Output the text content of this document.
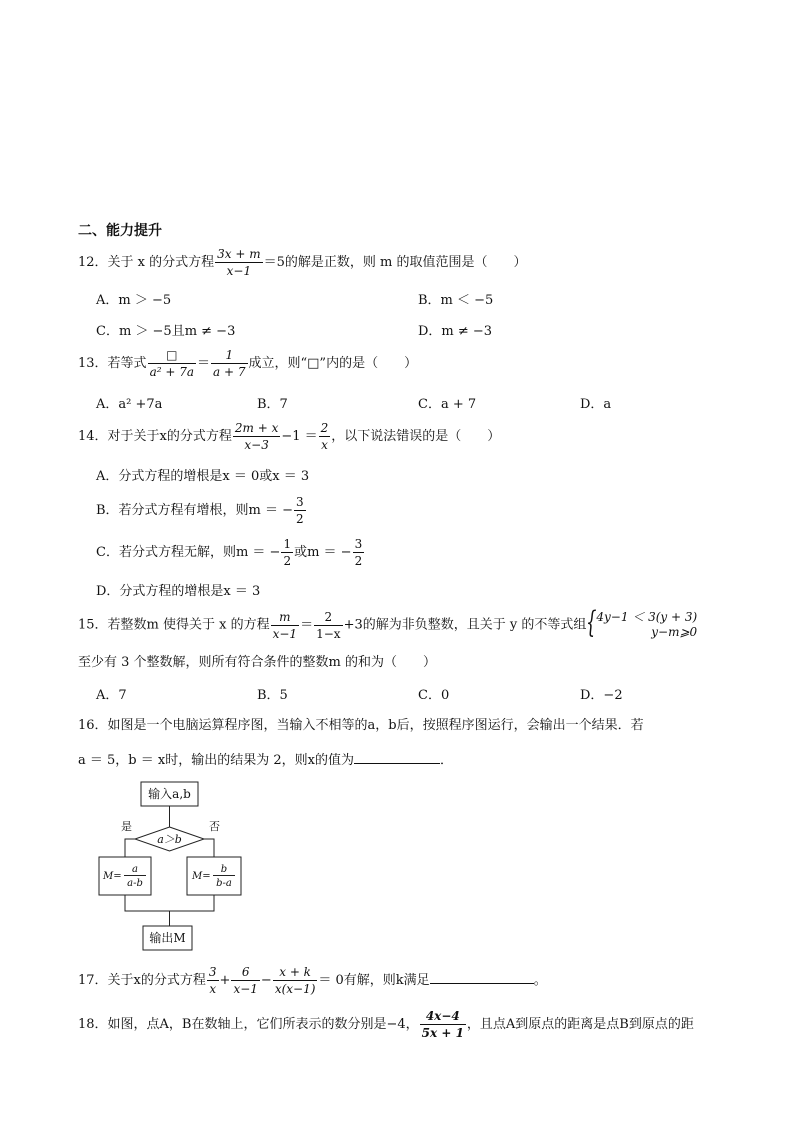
二、能力提升
12．关于 x 的分式方程 $\frac{3x + m}{x-1} =5$的解是正数，则 m 的取值范围是（　　）
A．m ＞ −5	B．m ＜ −5
C．m ＞ −5且m ≠ −3	D．m ≠ −3
13．若等式 $\frac{□}{\text{a² + 7a}} = \frac{1}{a + 7}$ 成立，则“□”内的是（　　）
A．a² +7a	B．7	C．a + 7	D．a
14．对于关于x的分式方程 $\frac{2m + x}{x-3} -1 = \frac{2}{x}$ ，以下说法错误的是（　　）
A．分式方程的增根是x ＝ 0或x ＝ 3
B．若分式方程有增根，则m ＝ − $\frac{3}{2}$
C．若分式方程无解，则m ＝ − $\frac{1}{2}$ 或m ＝ − $\frac{3}{2}$
D．分式方程的增根是x ＝ 3
15．若整数m 使得关于 x 的方程 $\frac{m}{x-1} = \frac{2}{1-x} +3$的解为非负整数，且关于 y 的不等式组 { 4y−1 ＜ 3(y + 3)
y−m⩾0
至少有 3 个整数解，则所有符合条件的整数m 的和为（　　）
A．7	B．5	C．0	D．−2
16．如图是一个电脑运算程序图，当输入不相等的a，b后，按照程序图运行，会输出一个结果．若
a ＝ 5，b ＝ x时，输出的结果为 2，则x的值为	．
输入a,b
a＞b
是	否
M=
a
a-b
M=
b
b-a
输出M
17．关于x的分式方程 $\frac{3}{x} + \frac{6}{x-1} - \frac{x + k}{x(x-1)} = 0$有解，则k满足	。
18．如图，点A，B在数轴上，它们所表示的数分别是−4， $\frac{4x-4}{5x + 1}$ ，且点A到原点的距离是点B到原点的距
